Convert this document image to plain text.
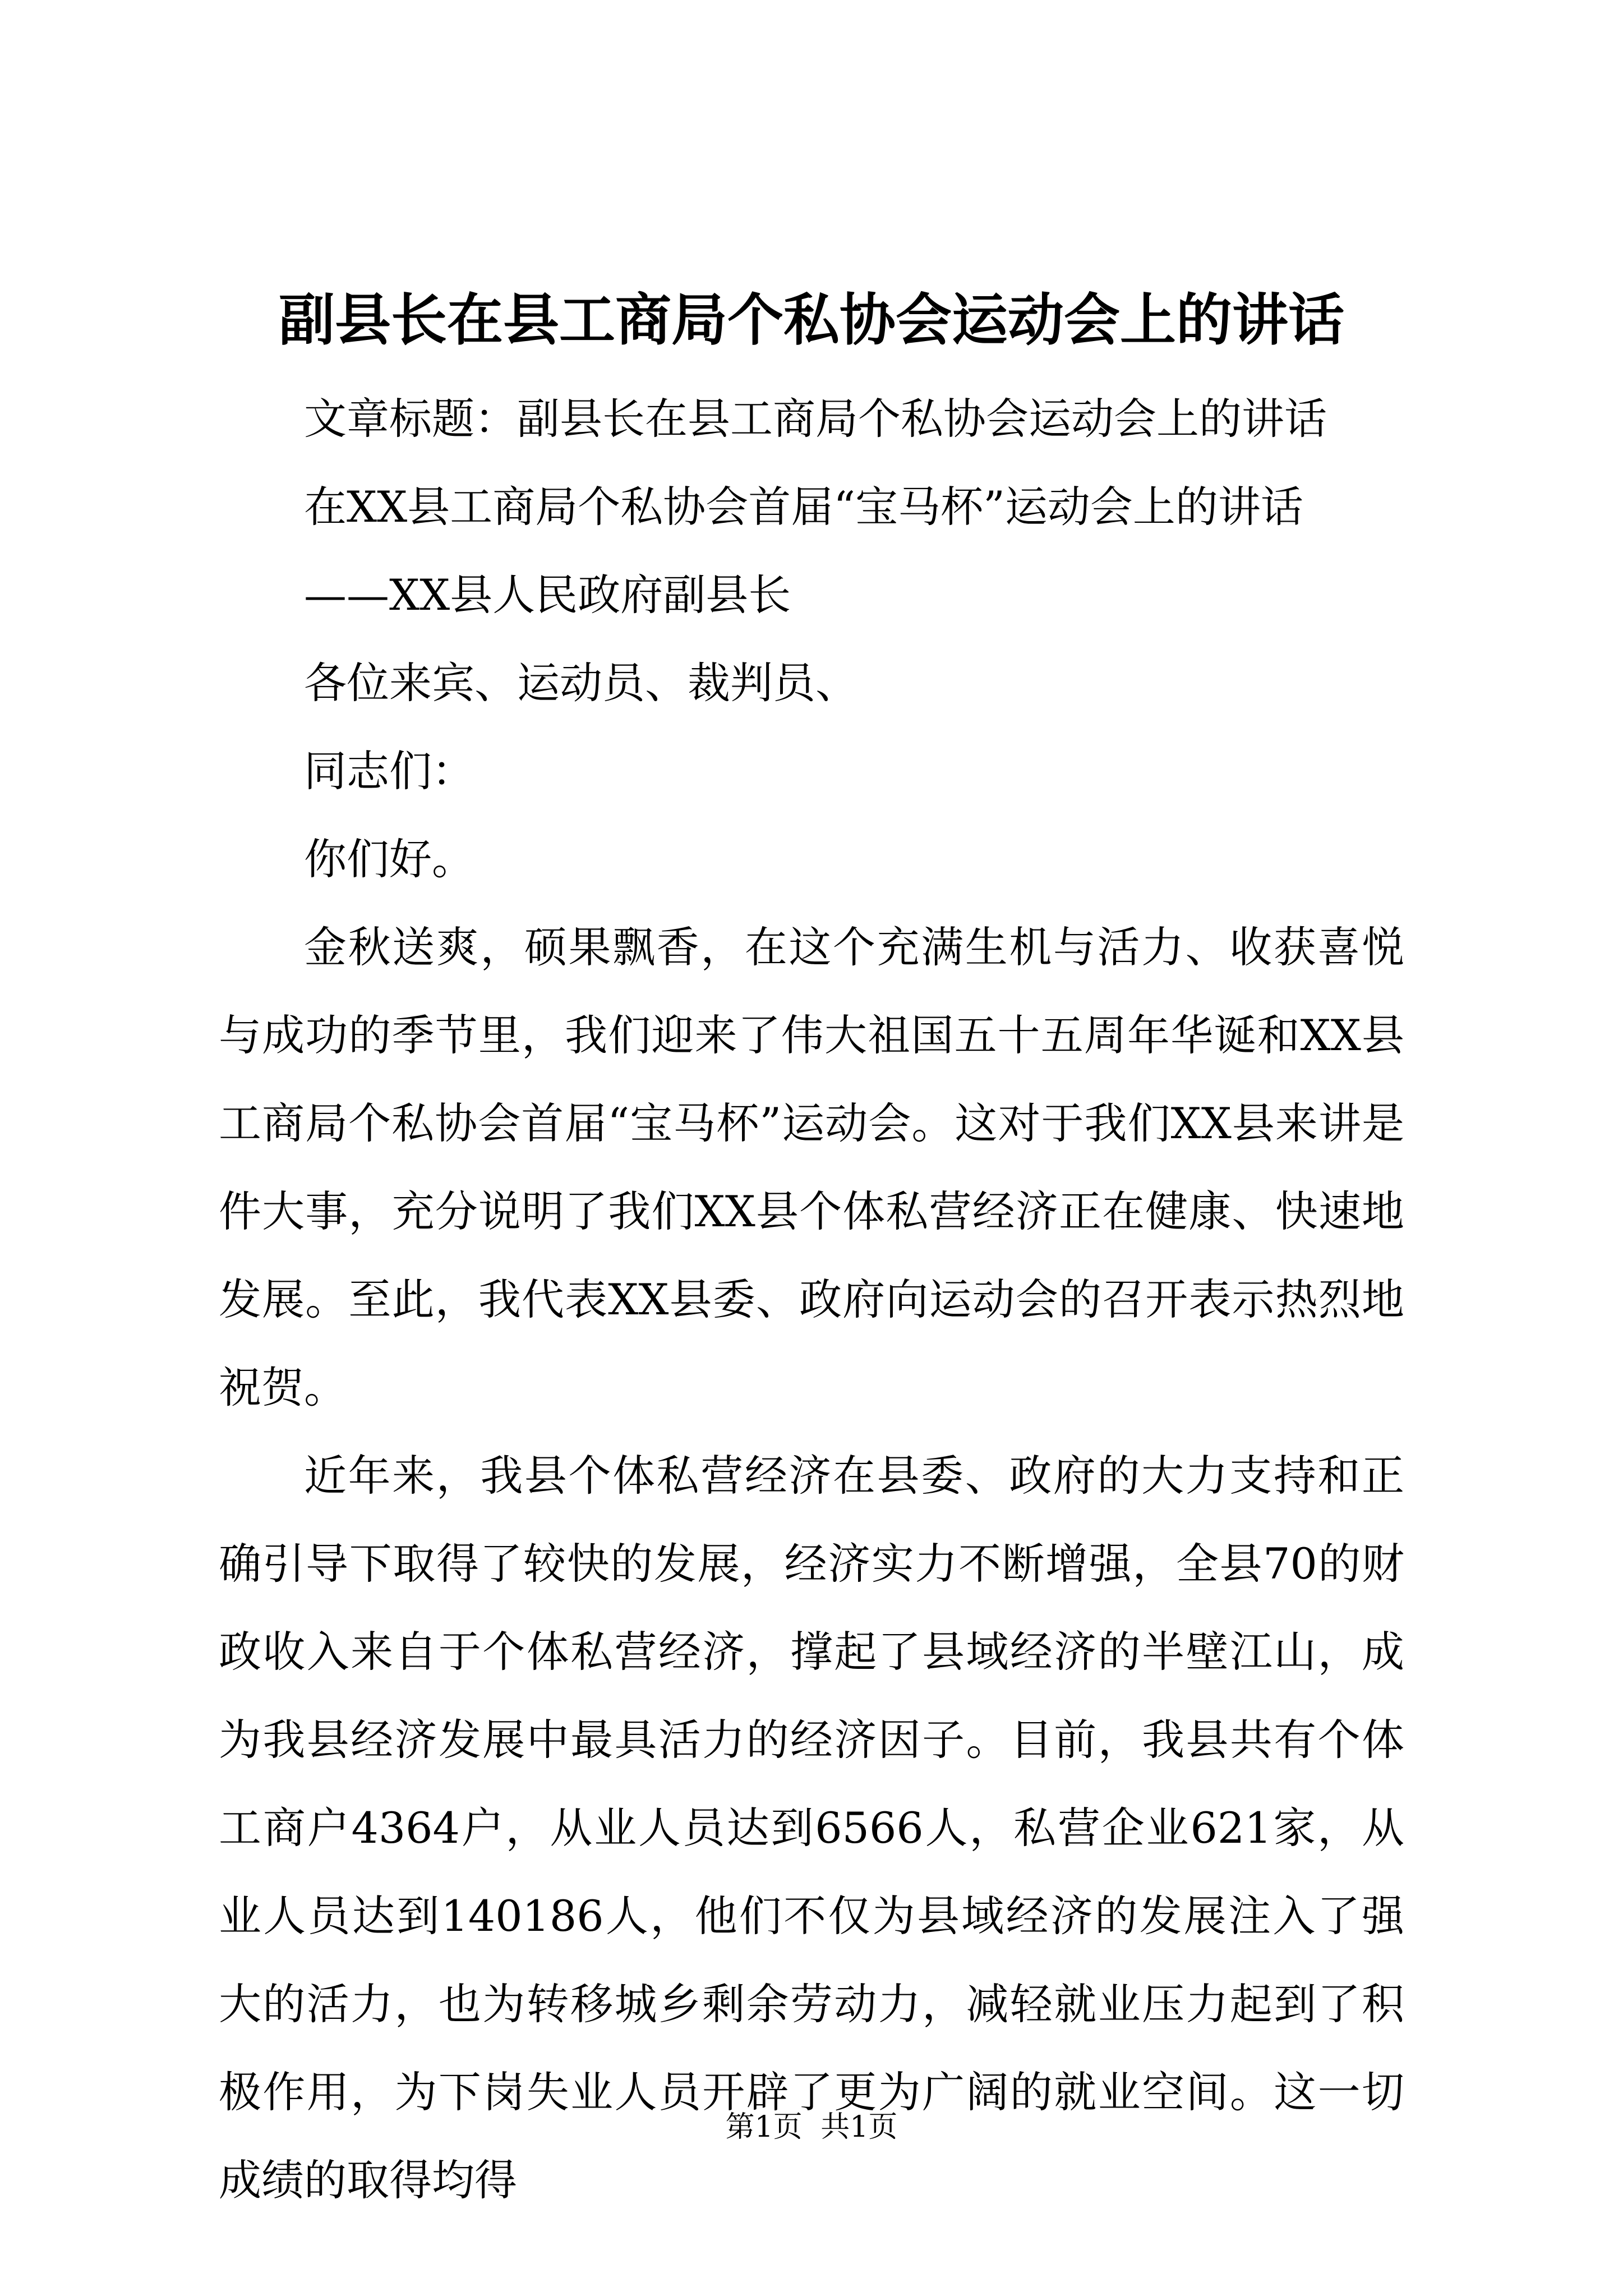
副县长在县工商局个私协会运动会上的讲话

文章标题：副县长在县工商局个私协会运动会上的讲话

在XX县工商局个私协会首届“宝马杯”运动会上的讲话

——XX县人民政府副县长

各位来宾、运动员、裁判员、

同志们：

你们好。

金秋送爽，硕果飘香，在这个充满生机与活力、收获喜悦与成功的季节里，我们迎来了伟大祖国五十五周年华诞和XX县工商局个私协会首届“宝马杯”运动会。这对于我们XX县来讲是件大事，充分说明了我们XX县个体私营经济正在健康、快速地发展。至此，我代表XX县委、政府向运动会的召开表示热烈地祝贺。

近年来，我县个体私营经济在县委、政府的大力支持和正确引导下取得了较快的发展，经济实力不断增强，全县70的财政收入来自于个体私营经济，撑起了县域经济的半壁江山，成为我县经济发展中最具活力的经济因子。目前，我县共有个体工商户4364户，从业人员达到6566人，私营企业621家，从业人员达到140186人，他们不仅为县域经济的发展注入了强大的活力，也为转移城乡剩余劳动力，减轻就业压力起到了积极作用，为下岗失业人员开辟了更为广阔的就业空间。这一切成绩的取得均得

第1页 共1页
